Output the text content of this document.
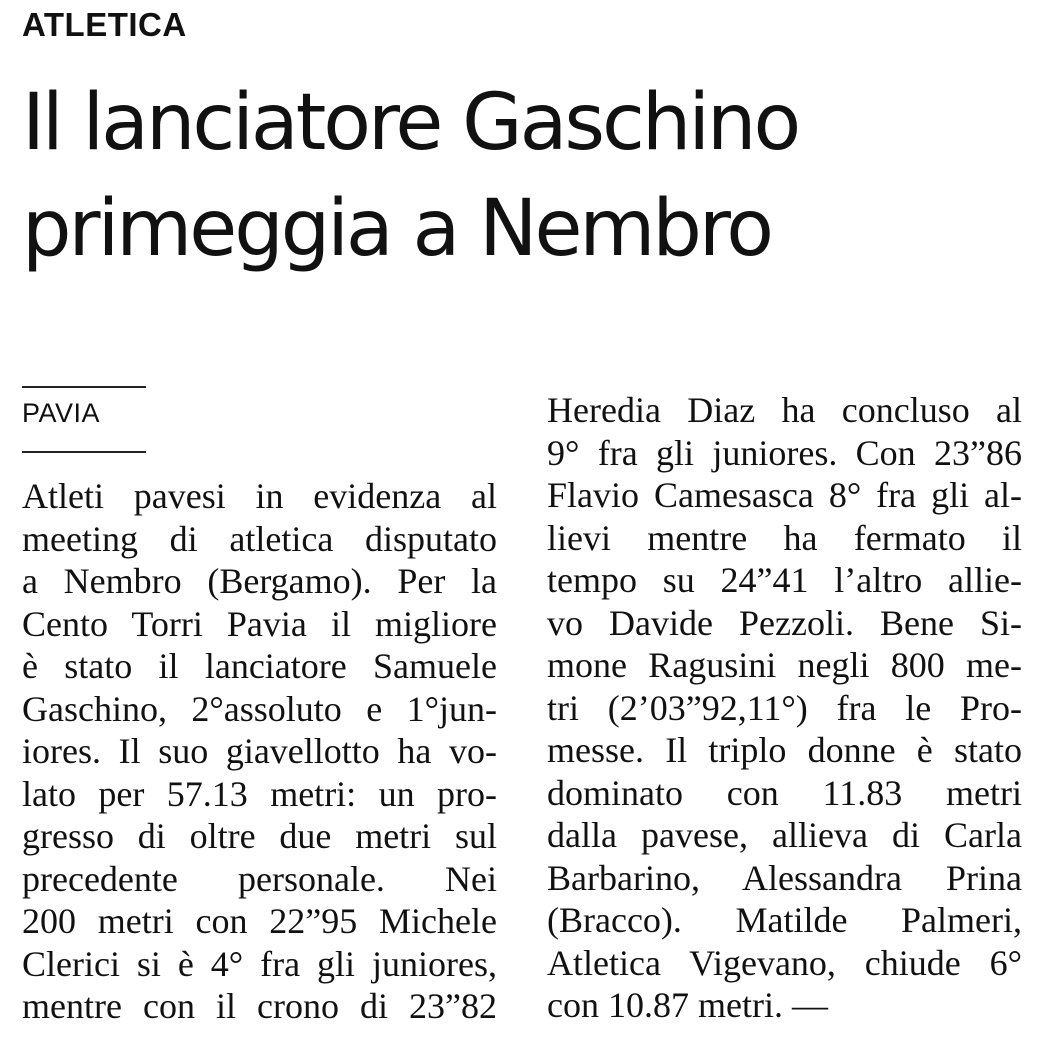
ATLETICA
Il lanciatore Gaschino
primeggia a Nembro
PAVIA
Atleti pavesi in evidenza al
meeting di atletica disputato
a Nembro (Bergamo). Per la
Cento Torri Pavia il migliore
è stato il lanciatore Samuele
Gaschino, 2°assoluto e 1°jun-
iores. Il suo giavellotto ha vo-
lato per 57.13 metri: un pro-
gresso di oltre due metri sul
precedente personale. Nei
200 metri con 22”95 Michele
Clerici si è 4° fra gli juniores,
mentre con il crono di 23”82
Heredia Diaz ha concluso al
9° fra gli juniores. Con 23”86
Flavio Camesasca 8° fra gli al-
lievi mentre ha fermato il
tempo su 24”41 l’altro allie-
vo Davide Pezzoli. Bene Si-
mone Ragusini negli 800 me-
tri (2’03”92,11°) fra le Pro-
messe. Il triplo donne è stato
dominato con 11.83 metri
dalla pavese, allieva di Carla
Barbarino, Alessandra Prina
(Bracco). Matilde Palmeri,
Atletica Vigevano, chiude 6°
con 10.87 metri. —
